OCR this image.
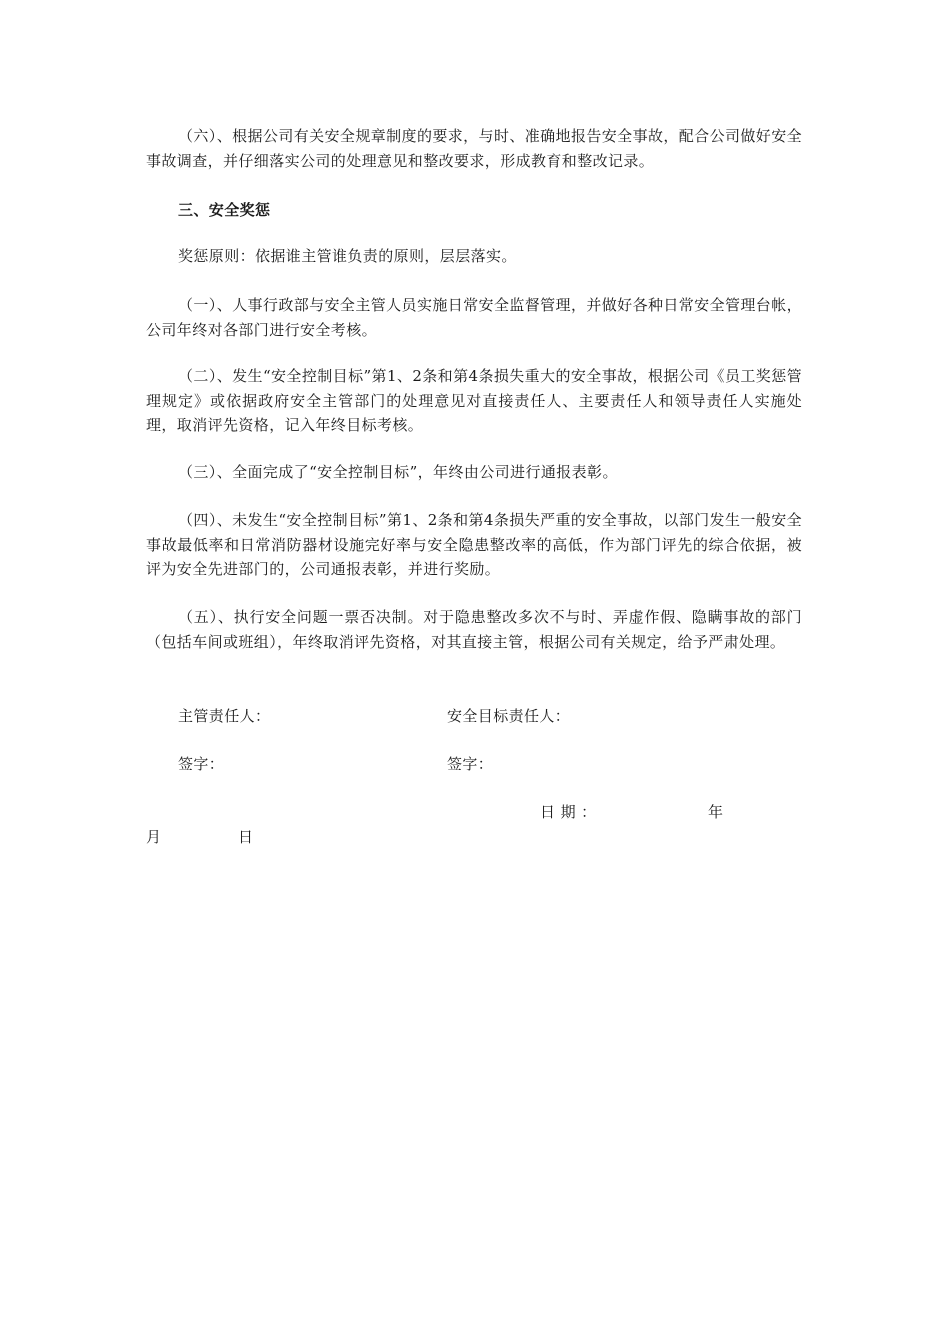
（六）、根据公司有关安全规章制度的要求，与时、准确地报告安全事故，配合公司做好安全事故调查，并仔细落实公司的处理意见和整改要求，形成教育和整改记录。

三、安全奖惩

奖惩原则：依据谁主管谁负责的原则，层层落实。

（一）、人事行政部与安全主管人员实施日常安全监督管理，并做好各种日常安全管理台帐，公司年终对各部门进行安全考核。

（二）、发生“安全控制目标”第1、2条和第4条损失重大的安全事故，根据公司《员工奖惩管理规定》或依据政府安全主管部门的处理意见对直接责任人、主要责任人和领导责任人实施处理，取消评先资格，记入年终目标考核。

（三）、全面完成了“安全控制目标”，年终由公司进行通报表彰。

（四）、未发生“安全控制目标”第1、2条和第4条损失严重的安全事故，以部门发生一般安全事故最低率和日常消防器材设施完好率与安全隐患整改率的高低，作为部门评先的综合依据，被评为安全先进部门的，公司通报表彰，并进行奖励。

（五）、执行安全问题一票否决制。对于隐患整改多次不与时、弄虚作假、隐瞒事故的部门（包括车间或班组），年终取消评先资格，对其直接主管，根据公司有关规定，给予严肃处理。

主管责任人：	安全目标责任人：

签字：	签字：

日 期 ：	年

月	日
